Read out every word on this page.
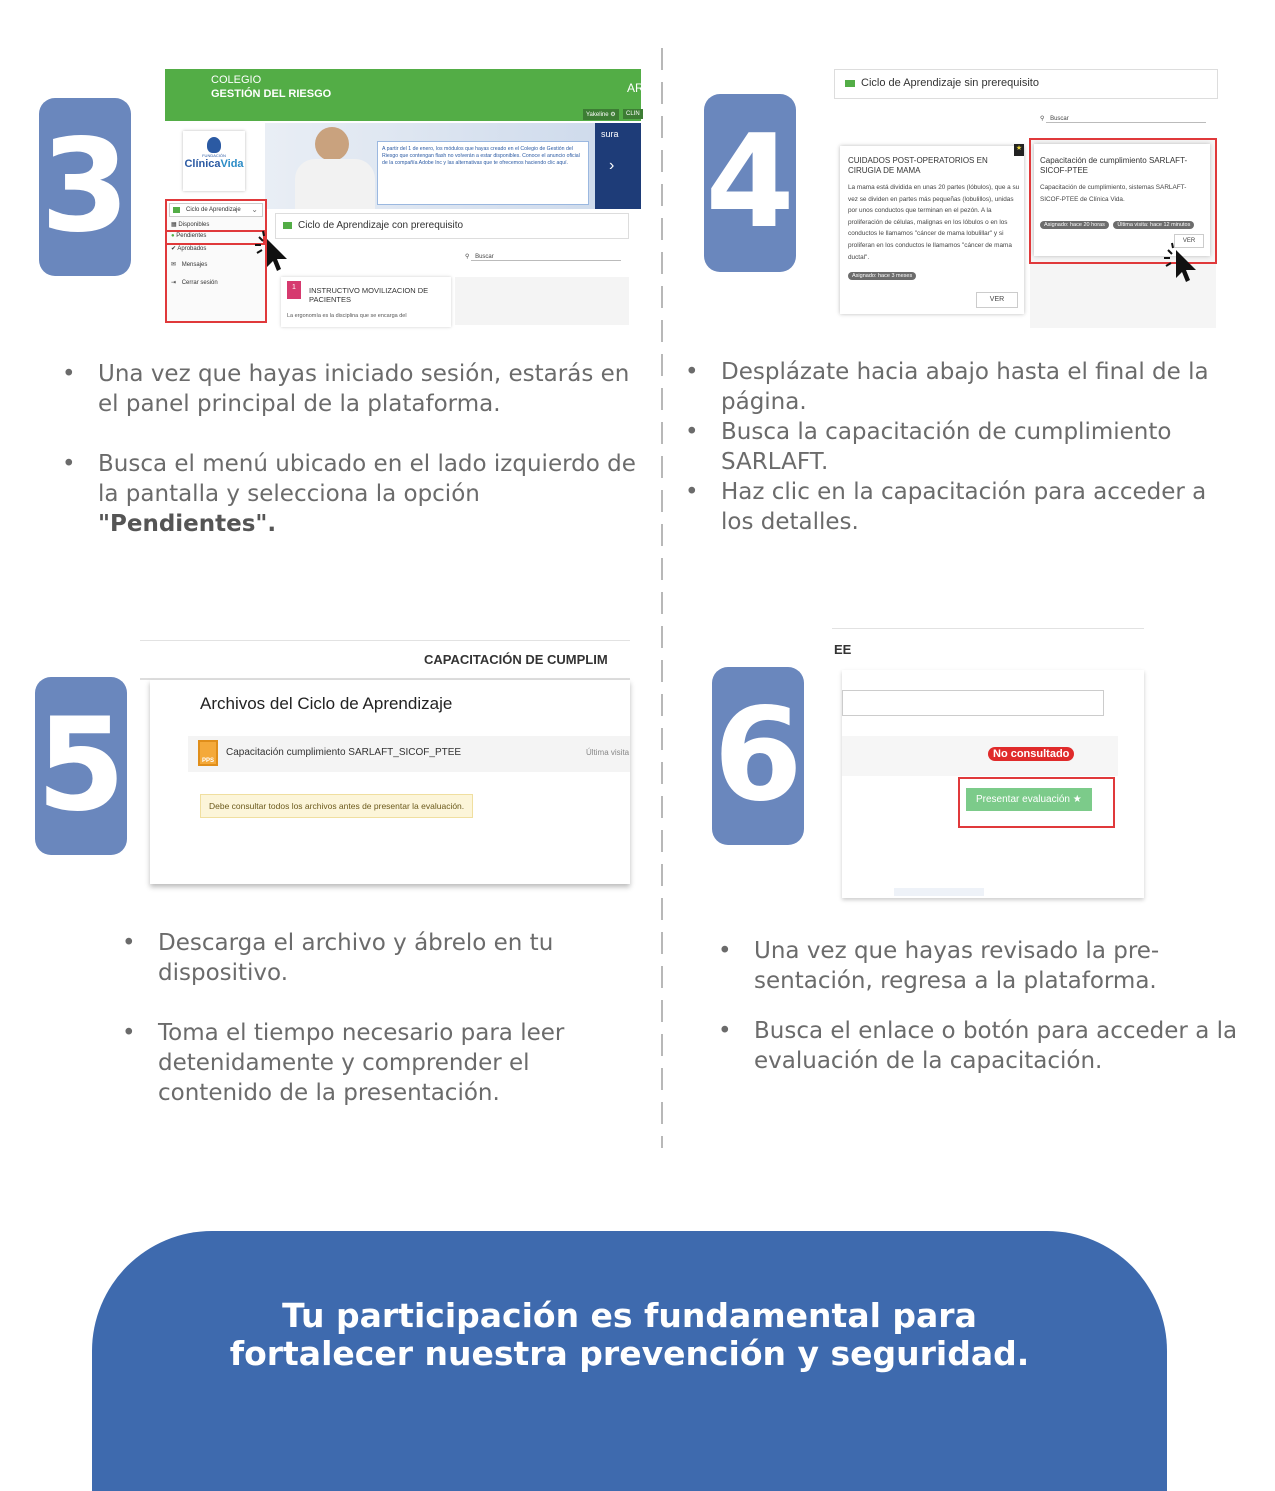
3
COLEGIO
GESTIÓN DEL RIESGO	AR
Yakeline ⚙	CLIN
FUNDACIÓN
ClínicaVida
A partir del 1 de enero, los módulos que hayas creado en el Colegio de Gestión del Riesgo que contengan flash no volverán a estar disponibles. Conoce el anuncio oficial de la compañía Adobe Inc y las alternativas que te ofrecemos haciendo clic aquí.
sura
›
Ciclo de Aprendizaje ⌄
▦ Disponibles
● Pendientes
✔ Aprobados
✉ Mensajes
⇥ Cerrar sesión
Ciclo de Aprendizaje con prerequisito
⚲ Buscar
1	INSTRUCTIVO MOVILIZACION DE PACIENTES
La ergonomía es la disciplina que se encarga del
• Una vez que hayas iniciado sesión, estarás en el panel principal de la plataforma.
• Busca el menú ubicado en el lado izquierdo de la pantalla y selecciona la opción "Pendientes".
4
Ciclo de Aprendizaje sin prerequisito
⚲ Buscar
★
CUIDADOS POST-OPERATORIOS EN CIRUGIA DE MAMA
La mama está dividida en unas 20 partes (lóbulos), que a su vez se dividen en partes más pequeñas (lobulillos), unidas por unos conductos que terminan en el pezón. A la proliferación de células, malignas en los lóbulos o en los conductos le llamamos "cáncer de mama lobulillar" y si proliferan en los conductos le llamamos "cáncer de mama ductal".
Asignado: hace 3 meses
VER
Capacitación de cumplimiento SARLAFT-SICOF-PTEE
Capacitación de cumplimiento, sistemas SARLAFT-SICOF-PTEE de Clínica Vida.
Asignado: hace 20 horas Última visita: hace 12 minutos
VER
• Desplázate hacia abajo hasta el final de la página.
• Busca la capacitación de cumplimiento SARLAFT.
• Haz clic en la capacitación para acceder a los detalles.
5
CAPACITACIÓN DE CUMPLIM
Archivos del Ciclo de Aprendizaje
PPS
Capacitación cumplimiento SARLAFT_SICOF_PTEE	Última visita
Debe consultar todos los archivos antes de presentar la evaluación.
• Descarga el archivo y ábrelo en tu dispositivo.
• Toma el tiempo necesario para leer detenidamente y comprender el contenido de la presentación.
6
EE
No consultado
Presentar evaluación ★
• Una vez que hayas revisado la pre-sentación, regresa a la plataforma.
• Busca el enlace o botón para acceder a la evaluación de la capacitación.
Tu participación es fundamental para
fortalecer nuestra prevención y seguridad.
